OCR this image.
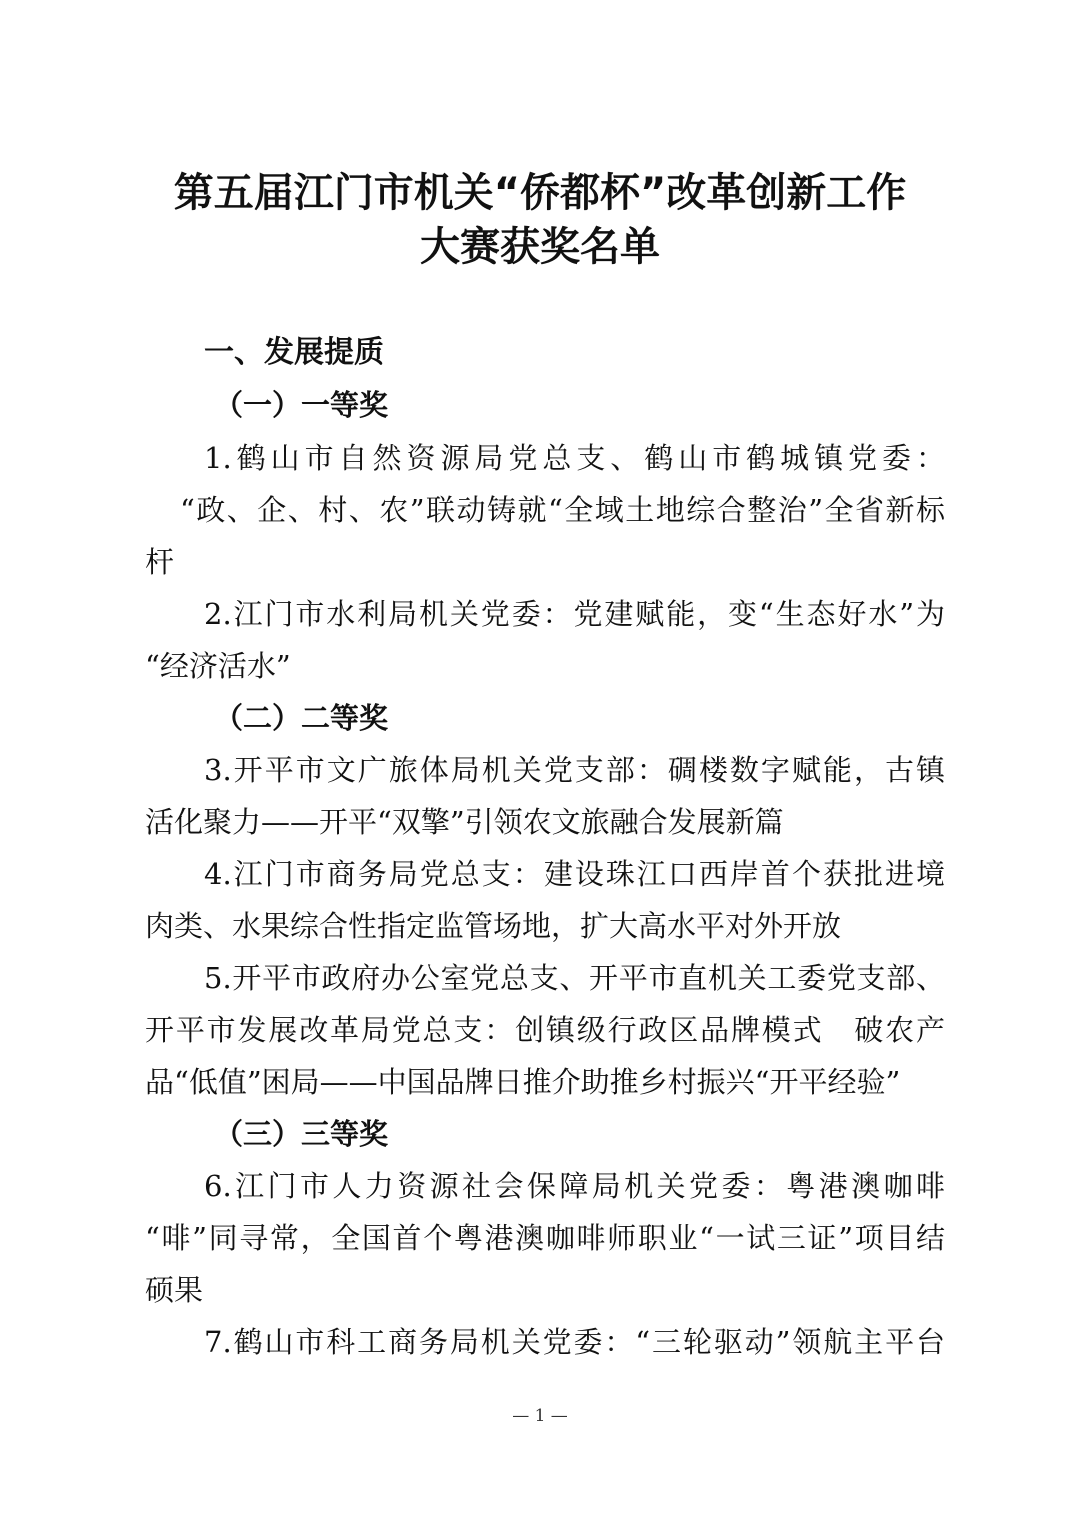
第五届江门市机关“侨都杯”改革创新工作
大赛获奖名单
一、发展提质
（一）一等奖
1.鹤山市自然资源局党总支、鹤山市鹤城镇党委：
“政、企、村、农”联动铸就“全域土地综合整治”全省新标
杆
2.江门市水利局机关党委：党建赋能，变“生态好水”为
“经济活水”
（二）二等奖
3.开平市文广旅体局机关党支部：碉楼数字赋能，古镇
活化聚力——开平“双擎”引领农文旅融合发展新篇
4.江门市商务局党总支：建设珠江口西岸首个获批进境
肉类、水果综合性指定监管场地，扩大高水平对外开放
5.开平市政府办公室党总支、开平市直机关工委党支部、
开平市发展改革局党总支：创镇级行政区品牌模式　破农产
品“低值”困局——中国品牌日推介助推乡村振兴“开平经验”
（三）三等奖
6.江门市人力资源社会保障局机关党委：粤港澳咖啡
“啡”同寻常，全国首个粤港澳咖啡师职业“一试三证”项目结
硕果
7.鹤山市科工商务局机关党委：“三轮驱动”领航主平台
— 1 —
